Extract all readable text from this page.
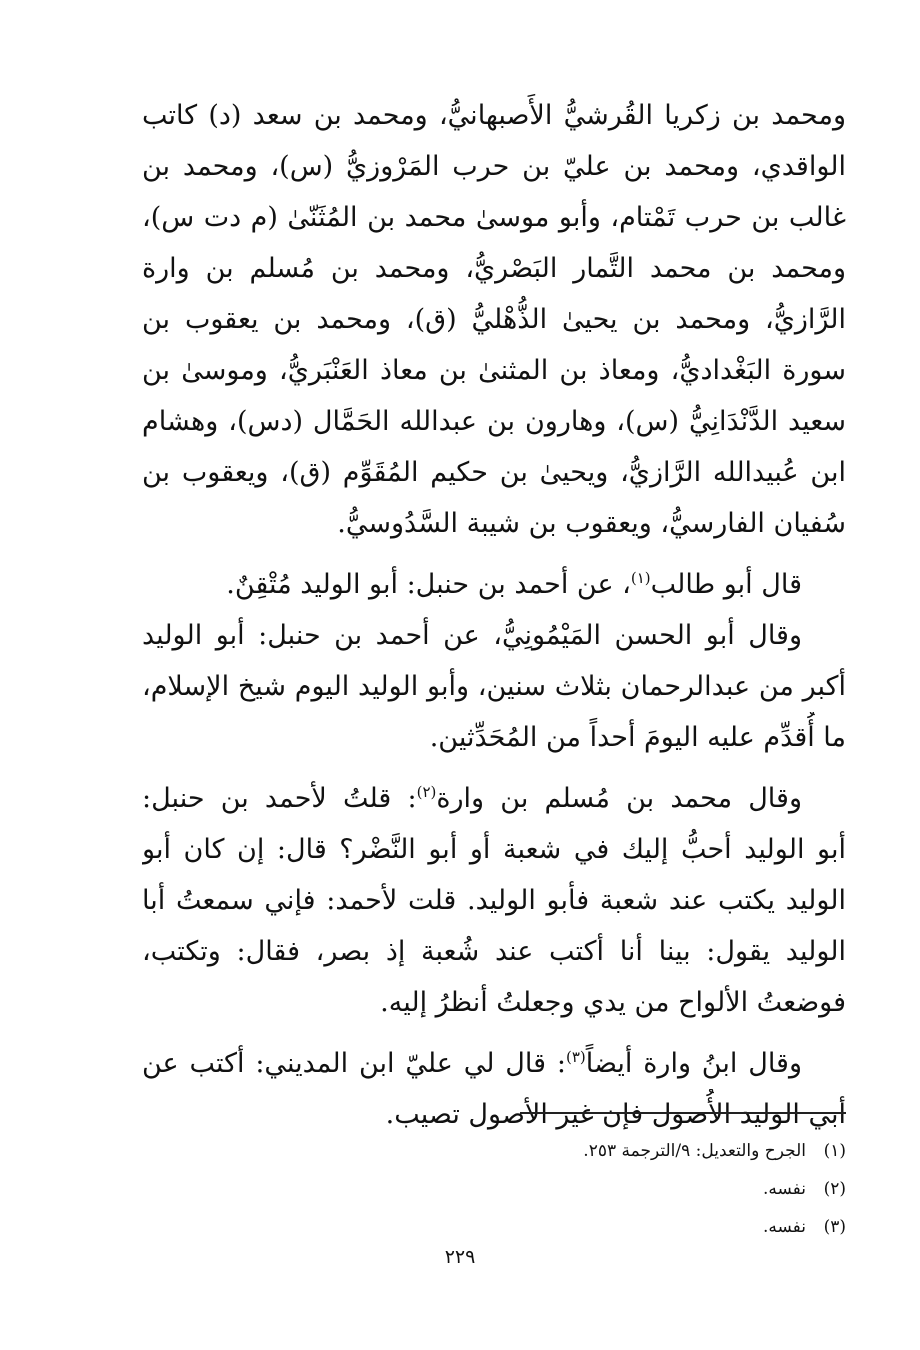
ومحمد بن زكريا القُرشيُّ الأَصبهانيُّ، ومحمد بن سعد (د) كاتب
الواقدي، ومحمد بن عليّ بن حرب المَرْوزيُّ (س)، ومحمد بن
غالب بن حرب تَمْتام، وأبو موسىٰ محمد بن المُثَنّىٰ (م دت س)،
ومحمد بن محمد التَّمار البَصْريُّ، ومحمد بن مُسلم بن وارة
الرَّازيُّ، ومحمد بن يحيىٰ الذُّهْليُّ (ق)، ومحمد بن يعقوب بن
سورة البَغْداديُّ، ومعاذ بن المثنىٰ بن معاذ العَنْبَريُّ، وموسىٰ بن
سعيد الدَّنْدَانِيُّ (س)، وهارون بن عبدالله الحَمَّال (دس)، وهشام
ابن عُبيدالله الرَّازيُّ، ويحيىٰ بن حكيم المُقَوِّم (ق)، ويعقوب بن
سُفيان الفارسيُّ، ويعقوب بن شيبة السَّدُوسيُّ.
قال أبو طالب$^{(١)}$، عن أحمد بن حنبل: أبو الوليد مُتْقِنٌ.
وقال أبو الحسن المَيْمُونِيُّ، عن أحمد بن حنبل: أبو الوليد
أكبر من عبدالرحمان بثلاث سنين، وأبو الوليد اليوم شيخ الإسلام،
ما أُقدِّم عليه اليومَ أحداً من المُحَدِّثين.
وقال محمد بن مُسلم بن وارة$^{(٢)}$: قلتُ لأحمد بن حنبل:
أبو الوليد أحبُّ إليك في شعبة أو أبو النَّضْر؟ قال: إن كان أبو
الوليد يكتب عند شعبة فأبو الوليد. قلت لأحمد: فإني سمعتُ أبا
الوليد يقول: بينا أنا أكتب عند شُعبة إذ بصر، فقال: وتكتب،
فوضعتُ الألواح من يدي وجعلتُ أنظرُ إليه.
وقال ابنُ وارة أيضاً$^{(٣)}$: قال لي عليّ ابن المديني: أكتب عن
أبي الوليد الأُصول فإن غير الأصول تصيب.
(١)الجرح والتعديل: ٩/الترجمة ٢٥٣.
(٢)نفسه.
(٣)نفسه.
٢٢٩
